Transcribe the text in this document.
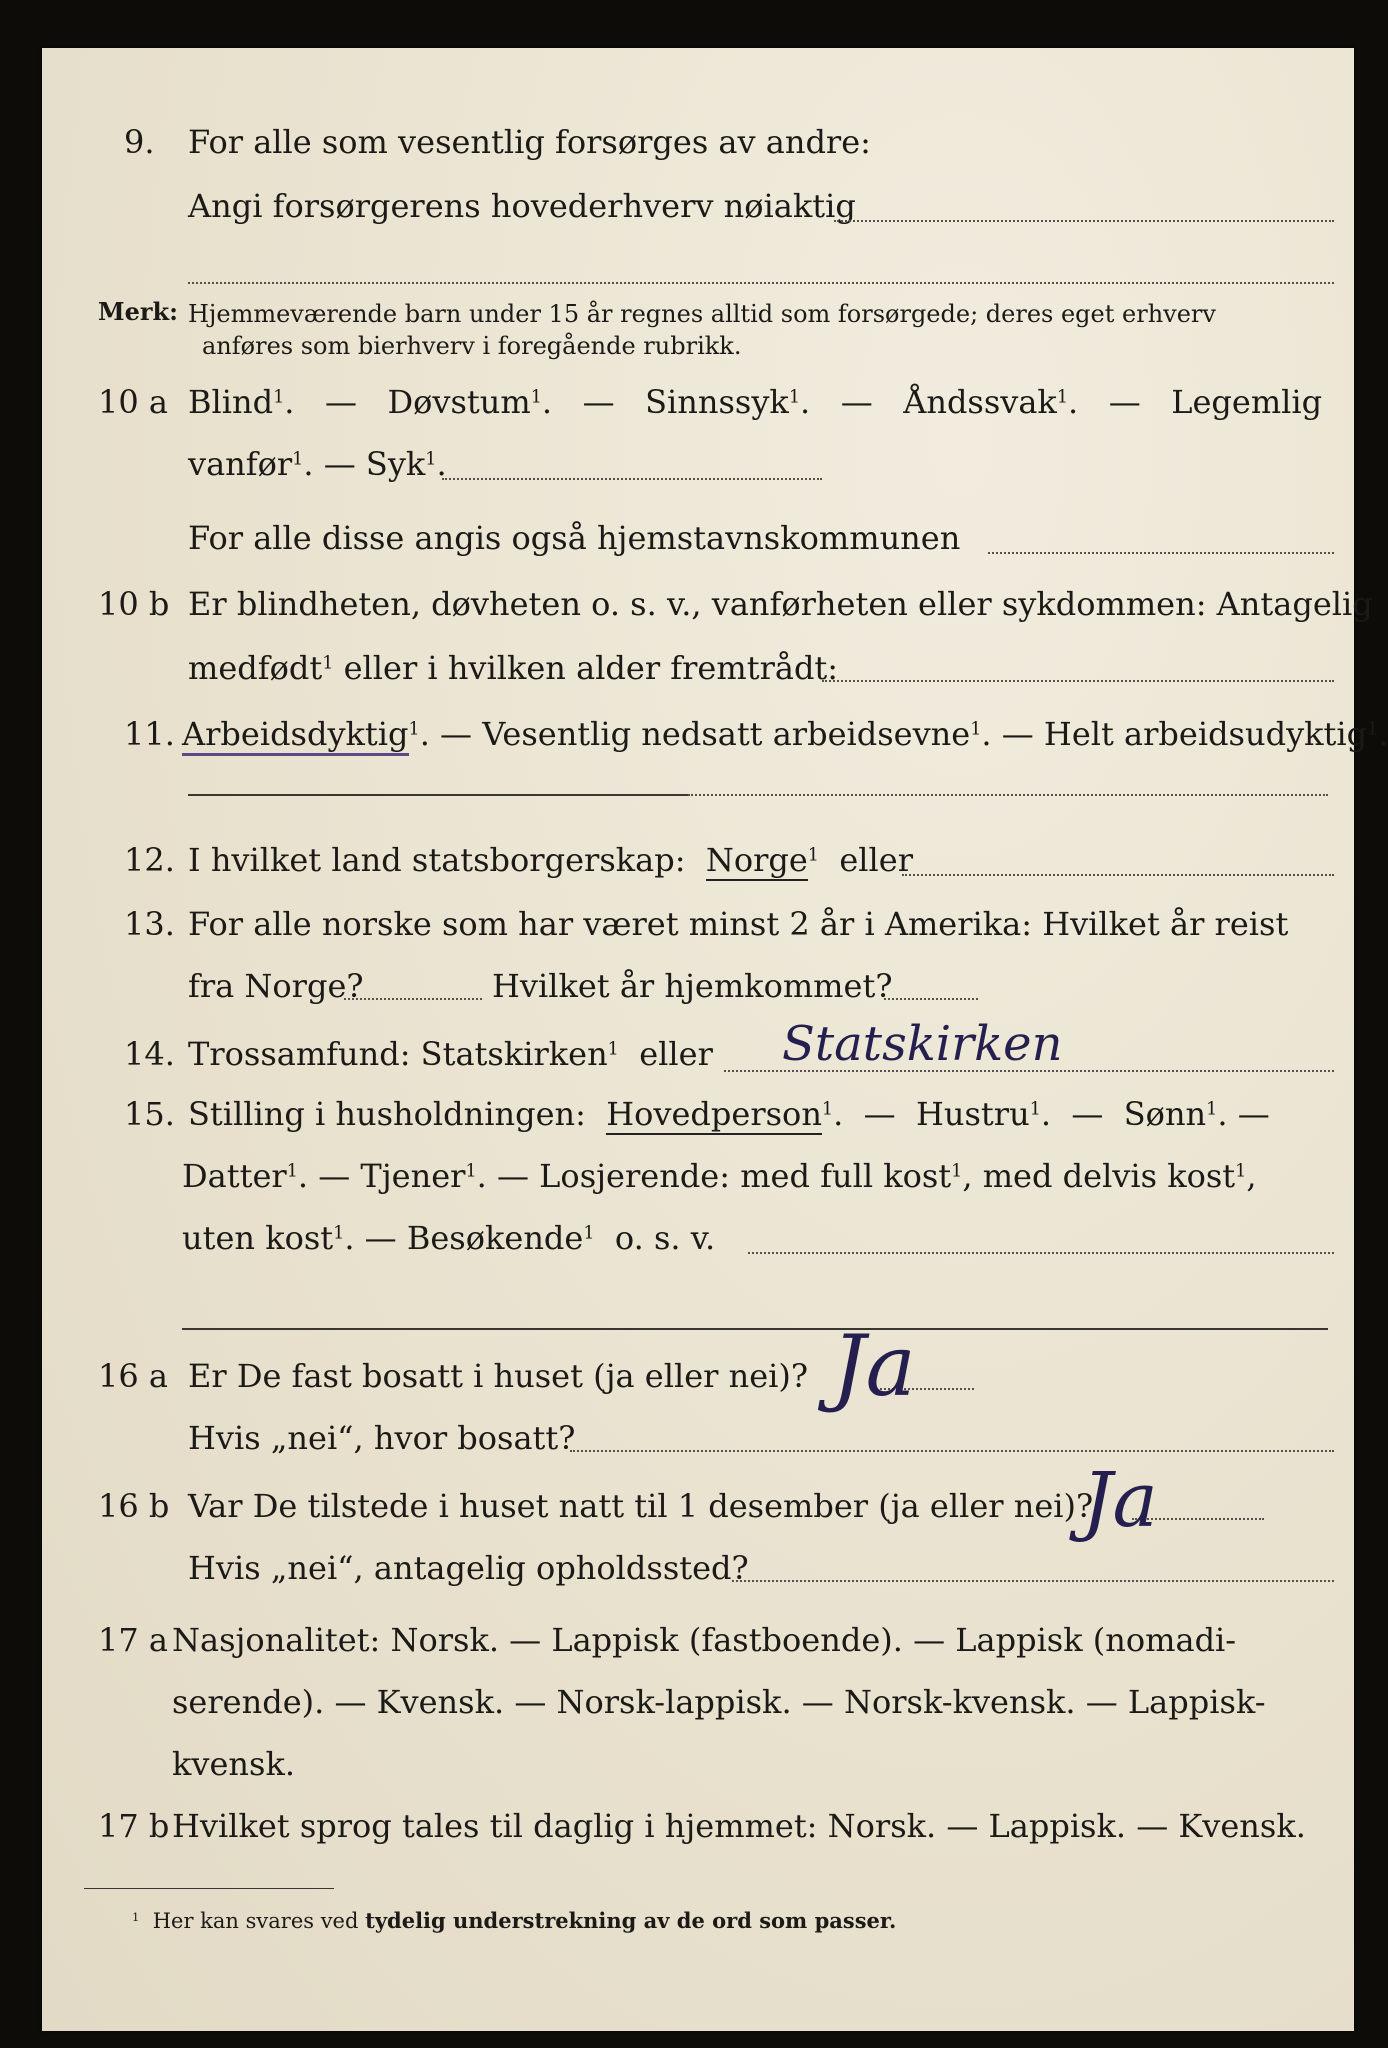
9. For alle som vesentlig forsørges av andre:
Angi forsørgerens hovederhverv nøiaktig
Merk: Hjemmeværende barn under 15 år regnes alltid som forsørgede; deres eget erhverv
anføres som bierhverv i foregående rubrikk.
10 a Blind$^1$.   —   Døvstum$^1$.   —   Sinnssyk$^1$.   —   Åndssvak$^1$.   —   Legemlig
vanfør$^1$. — Syk$^1$.
For alle disse angis også hjemstavnskommunen
10 b Er blindheten, døvheten o. s. v., vanførheten eller sykdommen: Antagelig
medfødt$^1$ eller i hvilken alder fremtrådt:
11. Arbeidsdyktig$^1$. — Vesentlig nedsatt arbeidsevne$^1$. — Helt arbeidsudyktig$^1$.
12. I hvilket land statsborgerskap: Norge$^1$ eller
13. For alle norske som har været minst 2 år i Amerika: Hvilket år reist
fra Norge?	Hvilket år hjemkommet?
14. Trossamfund: Statskirken$^1$ eller Statskirken
15. Stilling i husholdningen: Hovedperson$^1$.  —  Hustru$^1$.  —  Sønn$^1$. —
Datter$^1$. — Tjener$^1$. — Losjerende: med full kost$^1$, med delvis kost$^1$,
uten kost$^1$. — Besøkende$^1$ o. s. v.
16 a Er De fast bosatt i huset (ja eller nei)? Ja
Hvis „nei“, hvor bosatt?
16 b Var De tilstede i huset natt til 1 desember (ja eller nei)?
Ja
Hvis „nei“, antagelig opholdssted?
17 a Nasjonalitet: Norsk. — Lappisk (fastboende). — Lappisk (nomadi-
serende). — Kvensk. — Norsk-lappisk. — Norsk-kvensk. — Lappisk-
kvensk.
17 b Hvilket sprog tales til daglig i hjemmet: Norsk. — Lappisk. — Kvensk.
$^1$ Her kan svares ved tydelig understrekning av de ord som passer.
